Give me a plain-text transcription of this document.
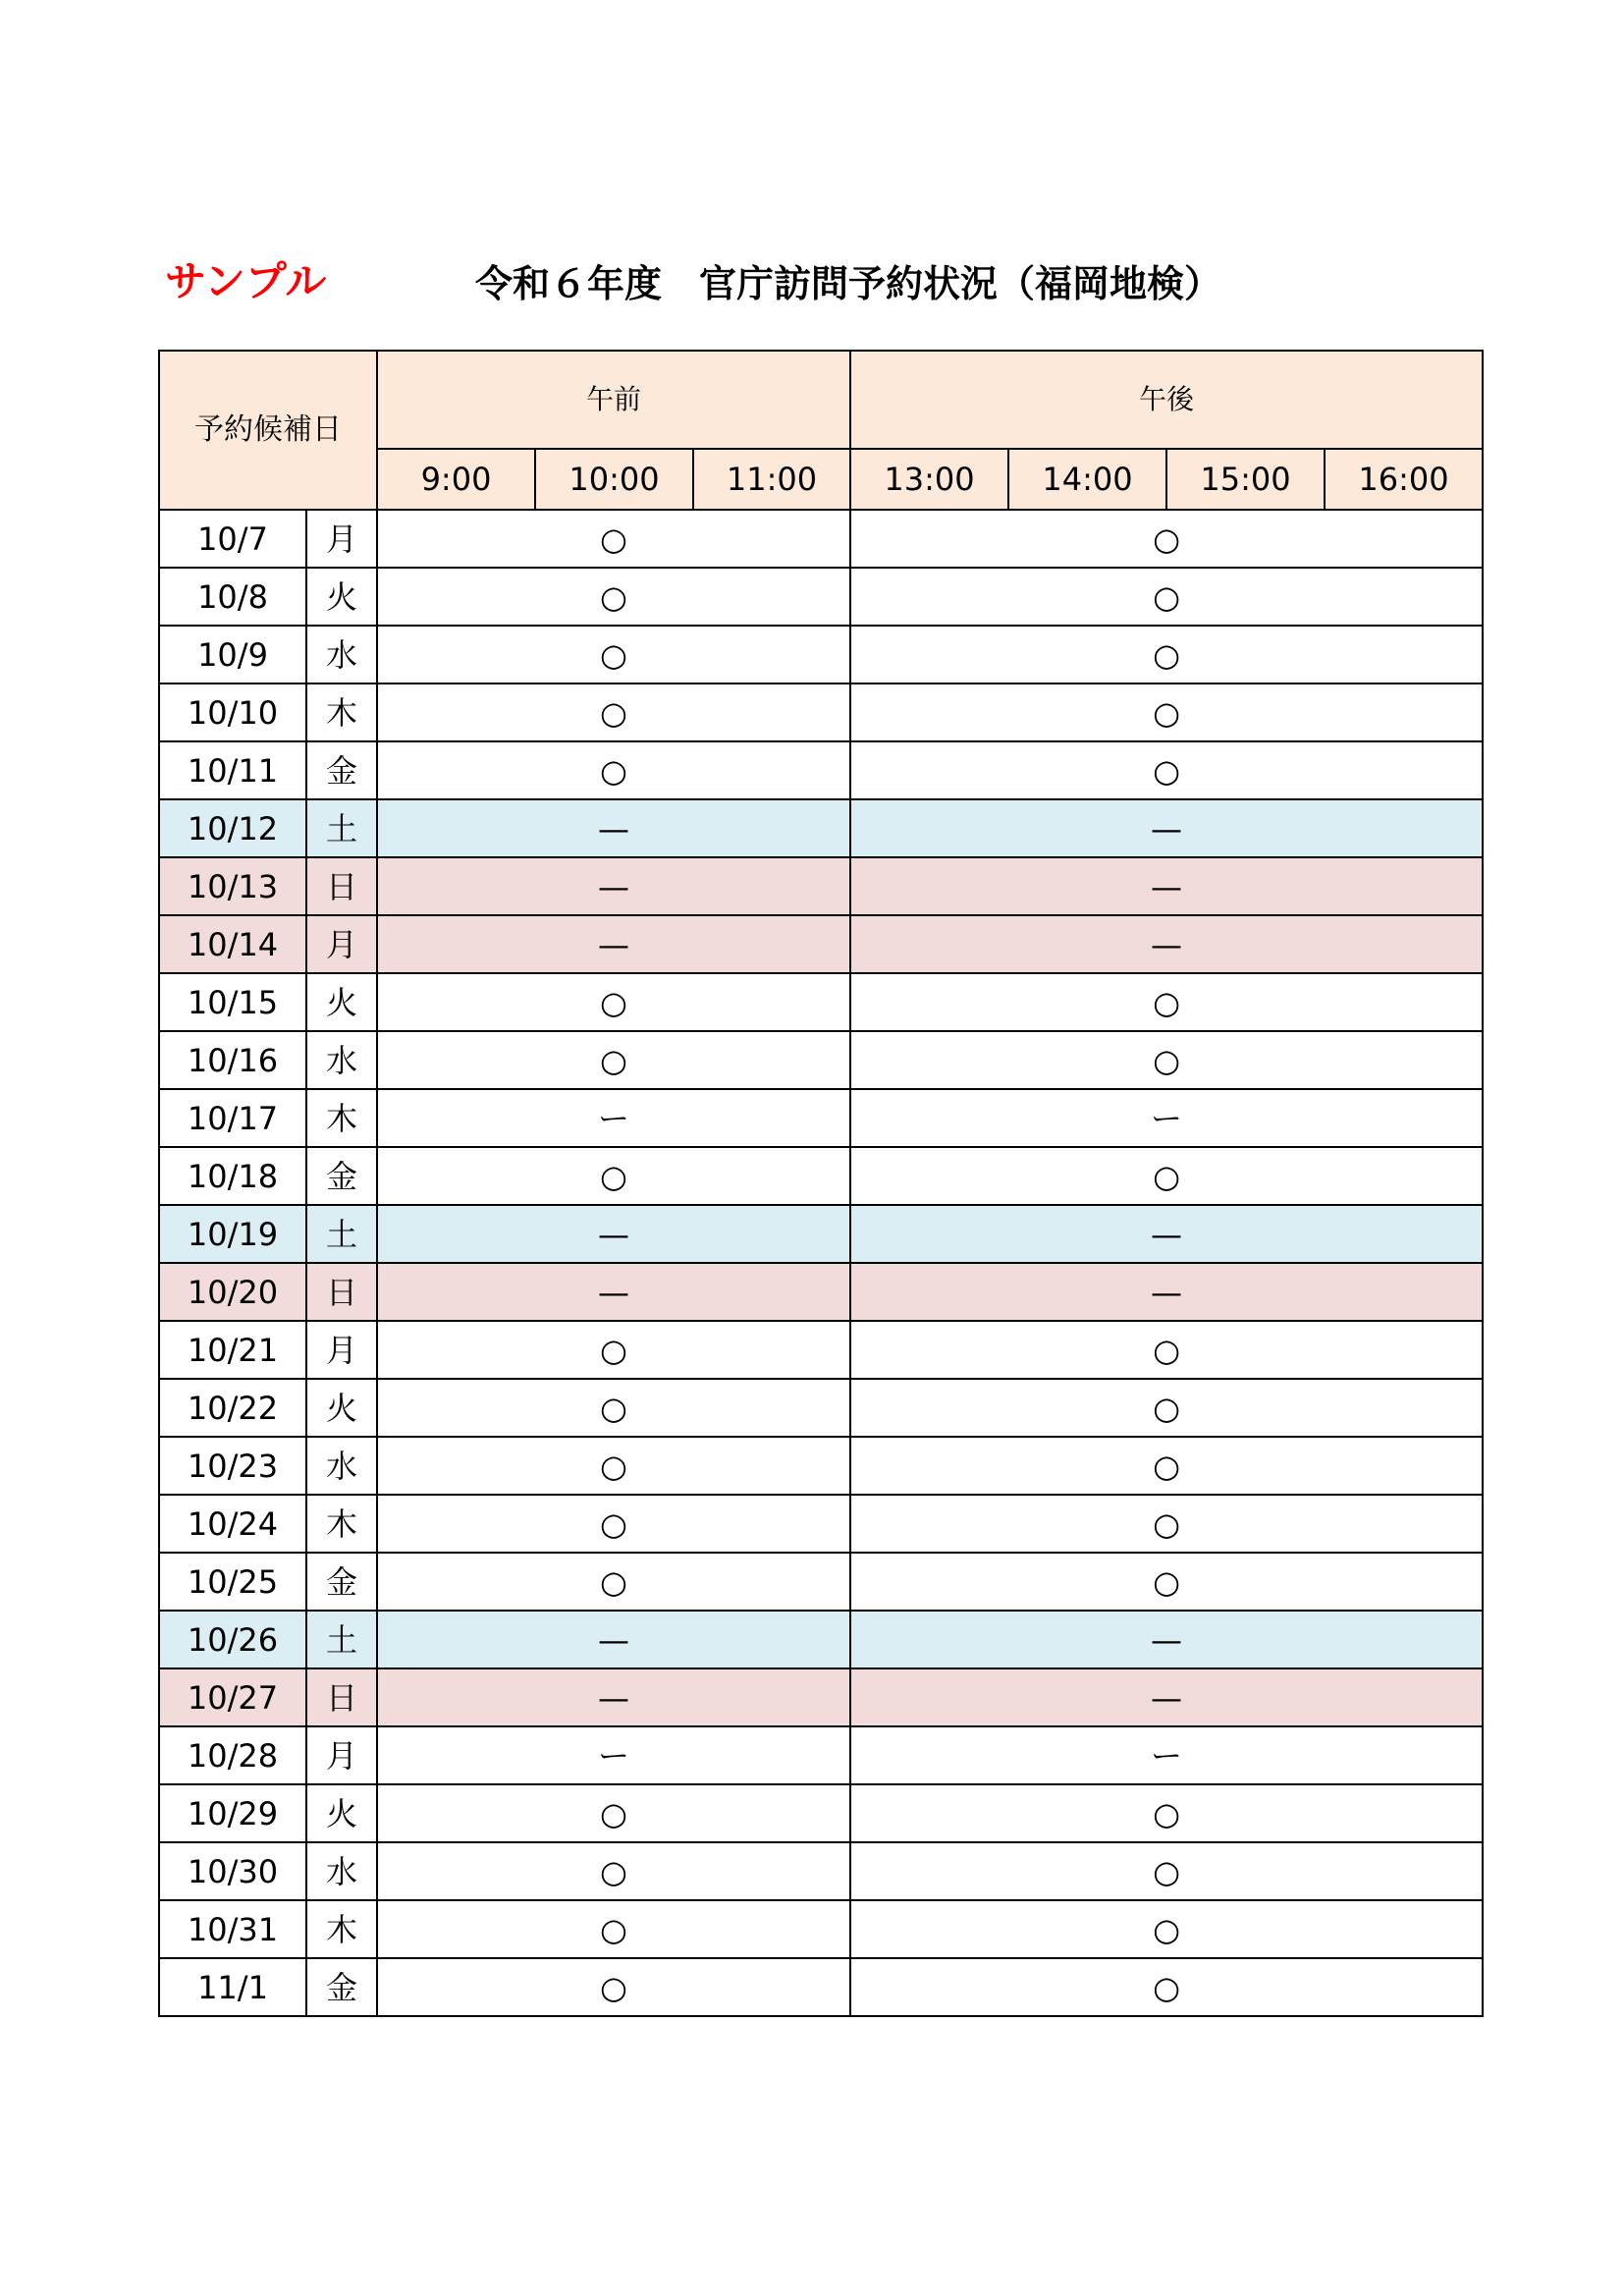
サンプル	令和６年度　官庁訪問予約状況（福岡地検）
予約候補日		午前			午後			
		9:00	10:00	11:00	13:00	14:00	15:00	16:00
10/7	月	○			○			
10/8	火	○			○			
10/9	水	○			○			
10/10	木	○			○			
10/11	金	○			○			
10/12	土	—			—			
10/13	日	—			—			
10/14	月	—			—			
10/15	火	○			○			
10/16	水	○			○			
10/17	木	ー			ー			
10/18	金	○			○			
10/19	土	—			—			
10/20	日	—			—			
10/21	月	○			○			
10/22	火	○			○			
10/23	水	○			○			
10/24	木	○			○			
10/25	金	○			○			
10/26	土	—			—			
10/27	日	—			—			
10/28	月	ー			ー			
10/29	火	○			○			
10/30	水	○			○			
10/31	木	○			○			
11/1	金	○			○			
